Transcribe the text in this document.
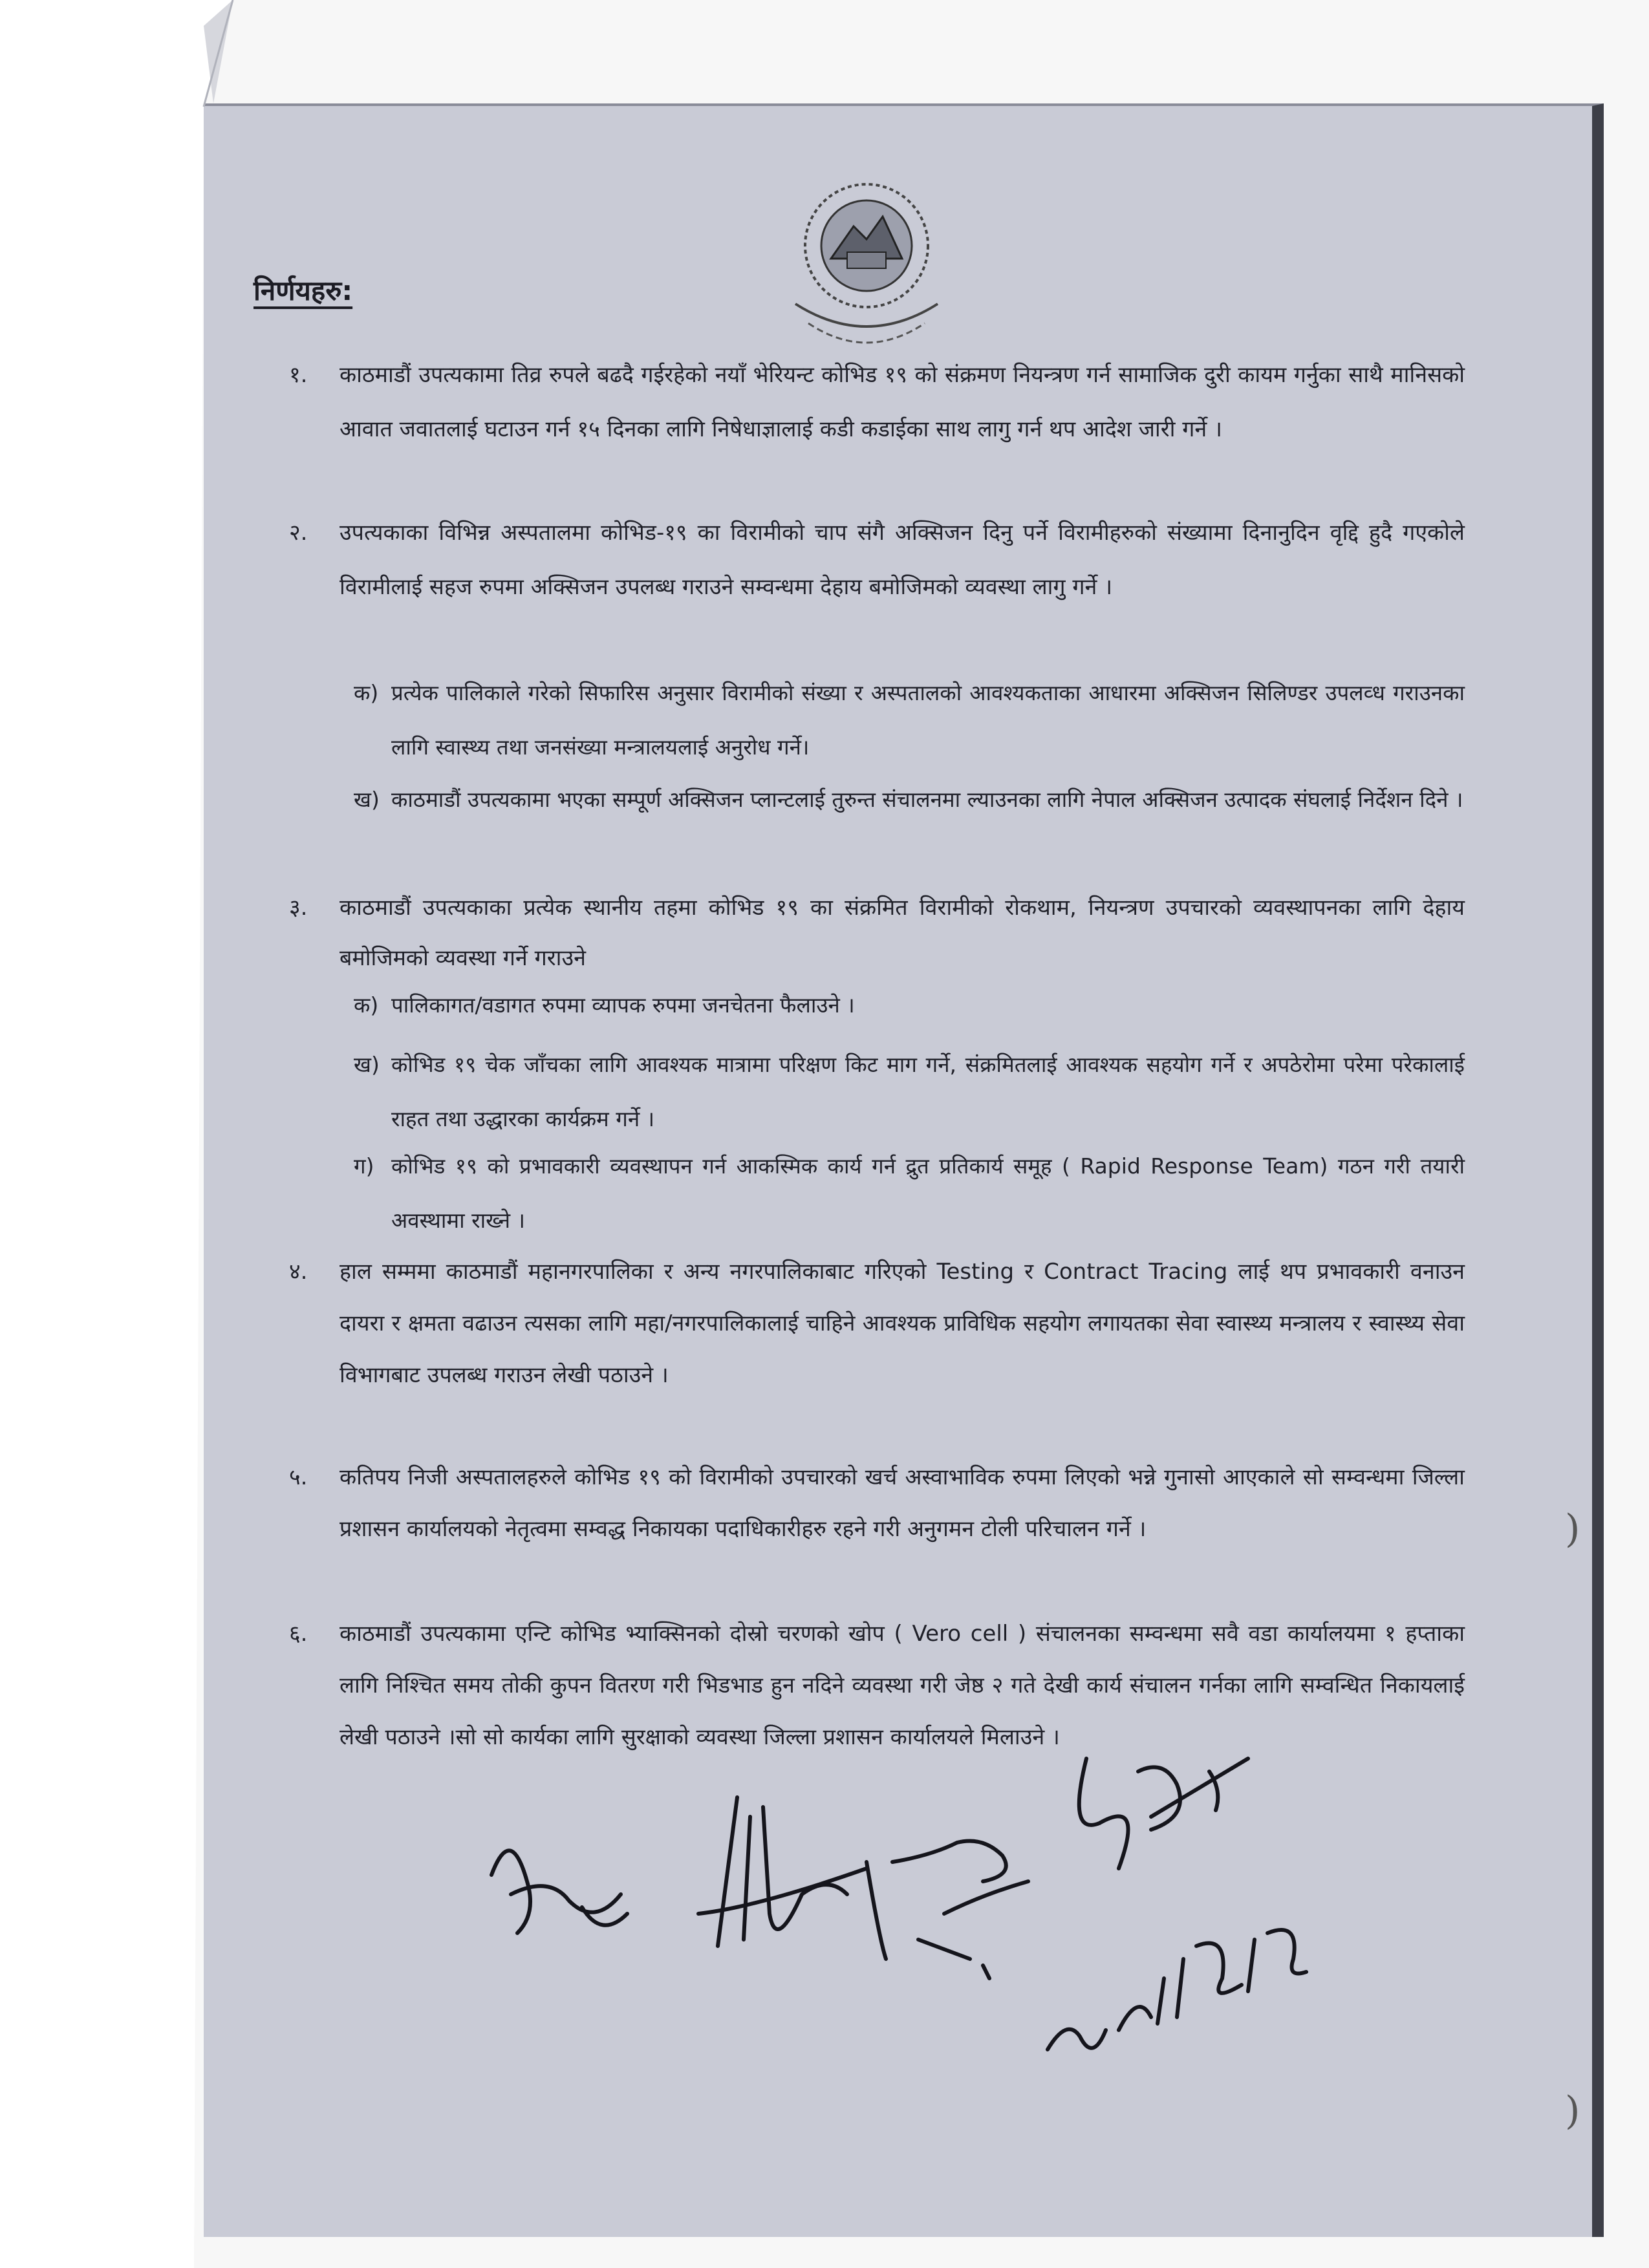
निर्णयहरु:
१. काठमाडौं उपत्यकामा तिव्र रुपले बढदै गईरहेको नयाँ भेरियन्ट कोभिड १९ को संक्रमण नियन्त्रण गर्न सामाजिक दुरी कायम गर्नुका साथै मानिसको आवात जवातलाई घटाउन गर्न १५ दिनका लागि निषेधाज्ञालाई कडी कडाईका साथ लागु गर्न थप आदेश जारी गर्ने ।
२. उपत्यकाका विभिन्न अस्पतालमा कोभिड-१९ का विरामीको चाप संगै अक्सिजन दिनु पर्ने विरामीहरुको संख्यामा दिनानुदिन वृद्दि हुदै गएकोले विरामीलाई सहज रुपमा अक्सिजन उपलब्ध गराउने सम्वन्धमा देहाय बमोजिमको व्यवस्था लागु गर्ने ।
क) प्रत्येक पालिकाले गरेको सिफारिस अनुसार विरामीको संख्या र अस्पतालको आवश्यकताका आधारमा अक्सिजन सिलिण्डर उपलव्ध गराउनका लागि स्वास्थ्य तथा जनसंख्या मन्त्रालयलाई अनुरोध गर्ने।
ख) काठमाडौं उपत्यकामा भएका सम्पूर्ण अक्सिजन प्लान्टलाई तुरुन्त संचालनमा ल्याउनका लागि नेपाल अक्सिजन उत्पादक संघलाई निर्देशन दिने ।
३. काठमाडौं उपत्यकाका प्रत्येक स्थानीय तहमा कोभिड १९ का संक्रमित विरामीको रोकथाम, नियन्त्रण उपचारको व्यवस्थापनका लागि देहाय बमोजिमको व्यवस्था गर्ने गराउने
क) पालिकागत/वडागत रुपमा व्यापक रुपमा जनचेतना फैलाउने ।
ख) कोभिड १९ चेक जाँचका लागि आवश्यक मात्रामा परिक्षण किट माग गर्ने, संक्रमितलाई आवश्यक सहयोग गर्ने र अपठेरोमा परेमा परेकालाई राहत तथा उद्धारका कार्यक्रम गर्ने ।
ग) कोभिड १९ को प्रभावकारी व्यवस्थापन गर्न आकस्मिक कार्य गर्न द्रुत प्रतिकार्य समूह ( Rapid Response Team) गठन गरी तयारी अवस्थामा राख्ने ।
४. हाल सम्ममा काठमाडौं महानगरपालिका र अन्य नगरपालिकाबाट गरिएको Testing र Contract Tracing लाई थप प्रभावकारी वनाउन दायरा र क्षमता वढाउन त्यसका लागि महा/नगरपालिकालाई चाहिने आवश्यक प्राविधिक सहयोग लगायतका सेवा स्वास्थ्य मन्त्रालय र स्वास्थ्य सेवा विभागबाट उपलब्ध गराउन लेखी पठाउने ।
५. कतिपय निजी अस्पतालहरुले कोभिड १९ को विरामीको उपचारको खर्च अस्वाभाविक रुपमा लिएको भन्ने गुनासो आएकाले सो सम्वन्धमा जिल्ला प्रशासन कार्यालयको नेतृत्वमा सम्वद्ध निकायका पदाधिकारीहरु रहने गरी अनुगमन टोली परिचालन गर्ने ।
६. काठमाडौं उपत्यकामा एन्टि कोभिड भ्याक्सिनको दोस्रो चरणको खोप ( Vero cell ) संचालनका सम्वन्धमा सवै वडा कार्यालयमा १ हप्ताका लागि निश्चित समय तोकी कुपन वितरण गरी भिडभाड हुन नदिने व्यवस्था गरी जेष्ठ २ गते देखी कार्य संचालन गर्नका लागि सम्वन्धित निकायलाई लेखी पठाउने ।सो सो कार्यका लागि सुरक्षाको व्यवस्था जिल्ला प्रशासन कार्यालयले मिलाउने ।
)
)
